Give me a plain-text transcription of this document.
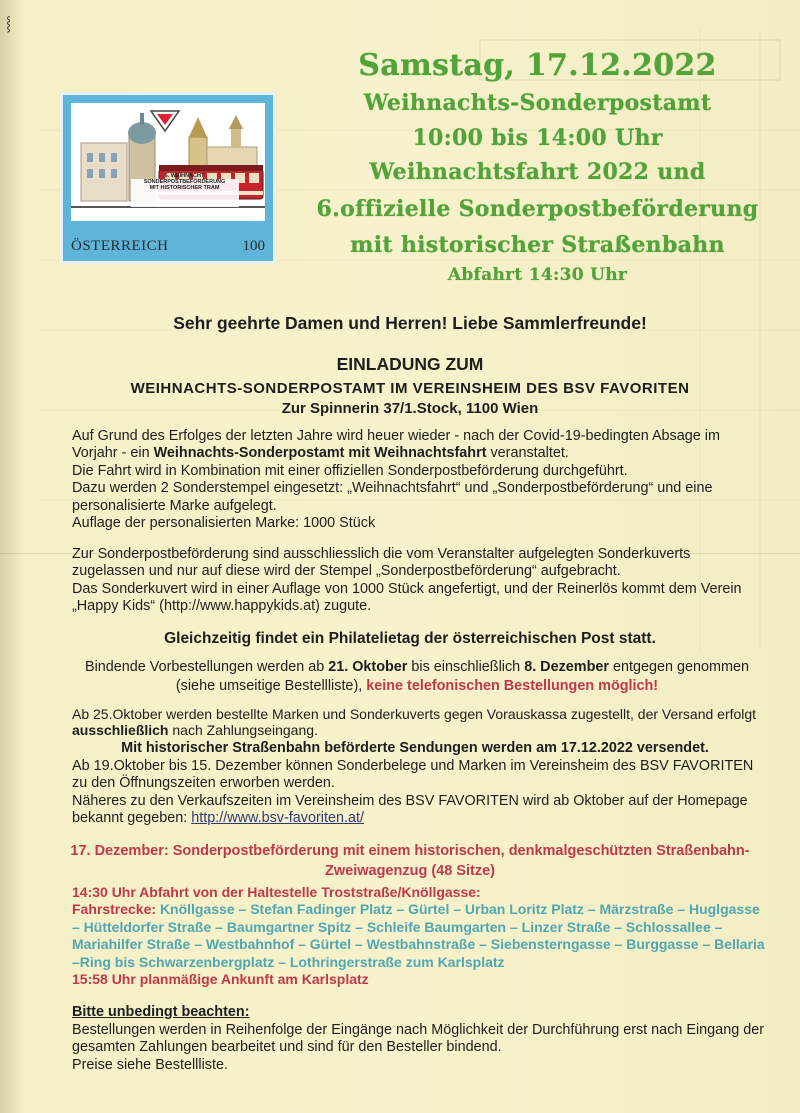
⸾
6. WEIHNACHT
SONDERPOSTBEFÖRDERUNG
MIT HISTORISCHER TRAM
ÖSTERREICH	100
Samstag, 17.12.2022
Weihnachts-Sonderpostamt
10:00 bis 14:00 Uhr
Weihnachtsfahrt 2022 und
6.offizielle Sonderpostbeförderung
mit historischer Straßenbahn
Abfahrt 14:30 Uhr
Sehr geehrte Damen und Herren! Liebe Sammlerfreunde!
EINLADUNG ZUM
WEIHNACHTS-SONDERPOSTAMT IM VEREINSHEIM DES BSV FAVORITEN
Zur Spinnerin 37/1.Stock, 1100 Wien
Auf Grund des Erfolges der letzten Jahre wird heuer wieder - nach der Covid-19-bedingten Absage im Vorjahr - ein Weihnachts-Sonderpostamt mit Weihnachtsfahrt veranstaltet.
Die Fahrt wird in Kombination mit einer offiziellen Sonderpostbeförderung durchgeführt.
Dazu werden 2 Sonderstempel eingesetzt: „Weihnachtsfahrt“ und „Sonderpostbeförderung“ und eine personalisierte Marke aufgelegt.
Auflage der personalisierten Marke: 1000 Stück
Zur Sonderpostbeförderung sind ausschliesslich die vom Veranstalter aufgelegten Sonderkuverts zugelassen und nur auf diese wird der Stempel „Sonderpostbeförderung“ aufgebracht.
Das Sonderkuvert wird in einer Auflage von 1000 Stück angefertigt, und der Reinerlös kommt dem Verein „Happy Kids“ (http://www.happykids.at) zugute.
Gleichzeitig findet ein Philatelietag der österreichischen Post statt.
Bindende Vorbestellungen werden ab 21. Oktober bis einschließlich 8. Dezember entgegen genommen (siehe umseitige Bestellliste), keine telefonischen Bestellungen möglich!
Ab 25.Oktober werden bestellte Marken und Sonderkuverts gegen Vorauskassa zugestellt, der Versand erfolgt ausschließlich nach Zahlungseingang.
Mit historischer Straßenbahn beförderte Sendungen werden am 17.12.2022 versendet.
Ab 19.Oktober bis 15. Dezember können Sonderbelege und Marken im Vereinsheim des BSV FAVORITEN zu den Öffnungszeiten erworben werden.
Näheres zu den Verkaufszeiten im Vereinsheim des BSV FAVORITEN wird ab Oktober auf der Homepage bekannt gegeben: http://www.bsv-favoriten.at/
17. Dezember: Sonderpostbeförderung mit einem historischen, denkmalgeschützten Straßenbahn-Zweiwagenzug (48 Sitze)
14:30 Uhr Abfahrt von der Haltestelle Troststraße/Knöllgasse:
Fahrstrecke: Knöllgasse – Stefan Fadinger Platz – Gürtel – Urban Loritz Platz – Märzstraße – Huglgasse – Hütteldorfer Straße – Baumgartner Spitz – Schleife Baumgarten – Linzer Straße – Schlossallee – Mariahilfer Straße – Westbahnhof – Gürtel – Westbahnstraße – Siebensterngasse – Burggasse – Bellaria –Ring bis Schwarzenbergplatz – Lothringerstraße zum Karlsplatz
15:58 Uhr planmäßige Ankunft am Karlsplatz
Bitte unbedingt beachten:
Bestellungen werden in Reihenfolge der Eingänge nach Möglichkeit der Durchführung erst nach Eingang der gesamten Zahlungen bearbeitet und sind für den Besteller bindend.
Preise siehe Bestellliste.
